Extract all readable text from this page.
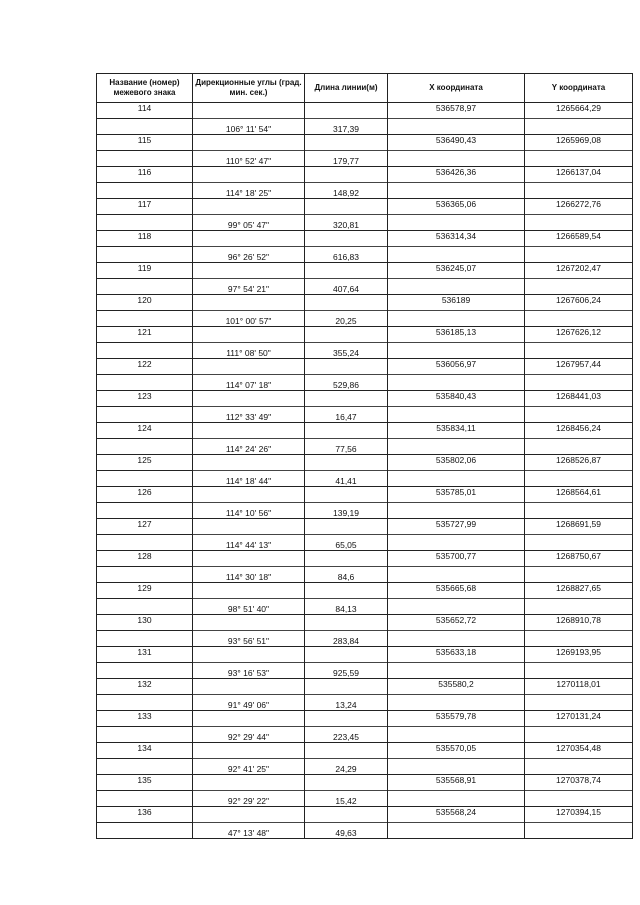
Название (номер) межевого знака	Дирекционные углы (град. мин. сек.)	Длина линии(м)	X координата	Y координата
114			536578,97	1265664,29
	106° 11' 54"	317,39		
115			536490,43	1265969,08
	110° 52' 47"	179,77		
116			536426,36	1266137,04
	114° 18' 25"	148,92		
117			536365,06	1266272,76
	99° 05' 47"	320,81		
118			536314,34	1266589,54
	96° 26' 52"	616,83		
119			536245,07	1267202,47
	97° 54' 21"	407,64		
120			536189	1267606,24
	101° 00' 57"	20,25		
121			536185,13	1267626,12
	111° 08' 50"	355,24		
122			536056,97	1267957,44
	114° 07' 18"	529,86		
123			535840,43	1268441,03
	112° 33' 49"	16,47		
124			535834,11	1268456,24
	114° 24' 26"	77,56		
125			535802,06	1268526,87
	114° 18' 44"	41,41		
126			535785,01	1268564,61
	114° 10' 56"	139,19		
127			535727,99	1268691,59
	114° 44' 13"	65,05		
128			535700,77	1268750,67
	114° 30' 18"	84,6		
129			535665,68	1268827,65
	98° 51' 40"	84,13		
130			535652,72	1268910,78
	93° 56' 51"	283,84		
131			535633,18	1269193,95
	93° 16' 53"	925,59		
132			535580,2	1270118,01
	91° 49' 06"	13,24		
133			535579,78	1270131,24
	92° 29' 44"	223,45		
134			535570,05	1270354,48
	92° 41' 25"	24,29		
135			535568,91	1270378,74
	92° 29' 22"	15,42		
136			535568,24	1270394,15
	47° 13' 48"	49,63		
